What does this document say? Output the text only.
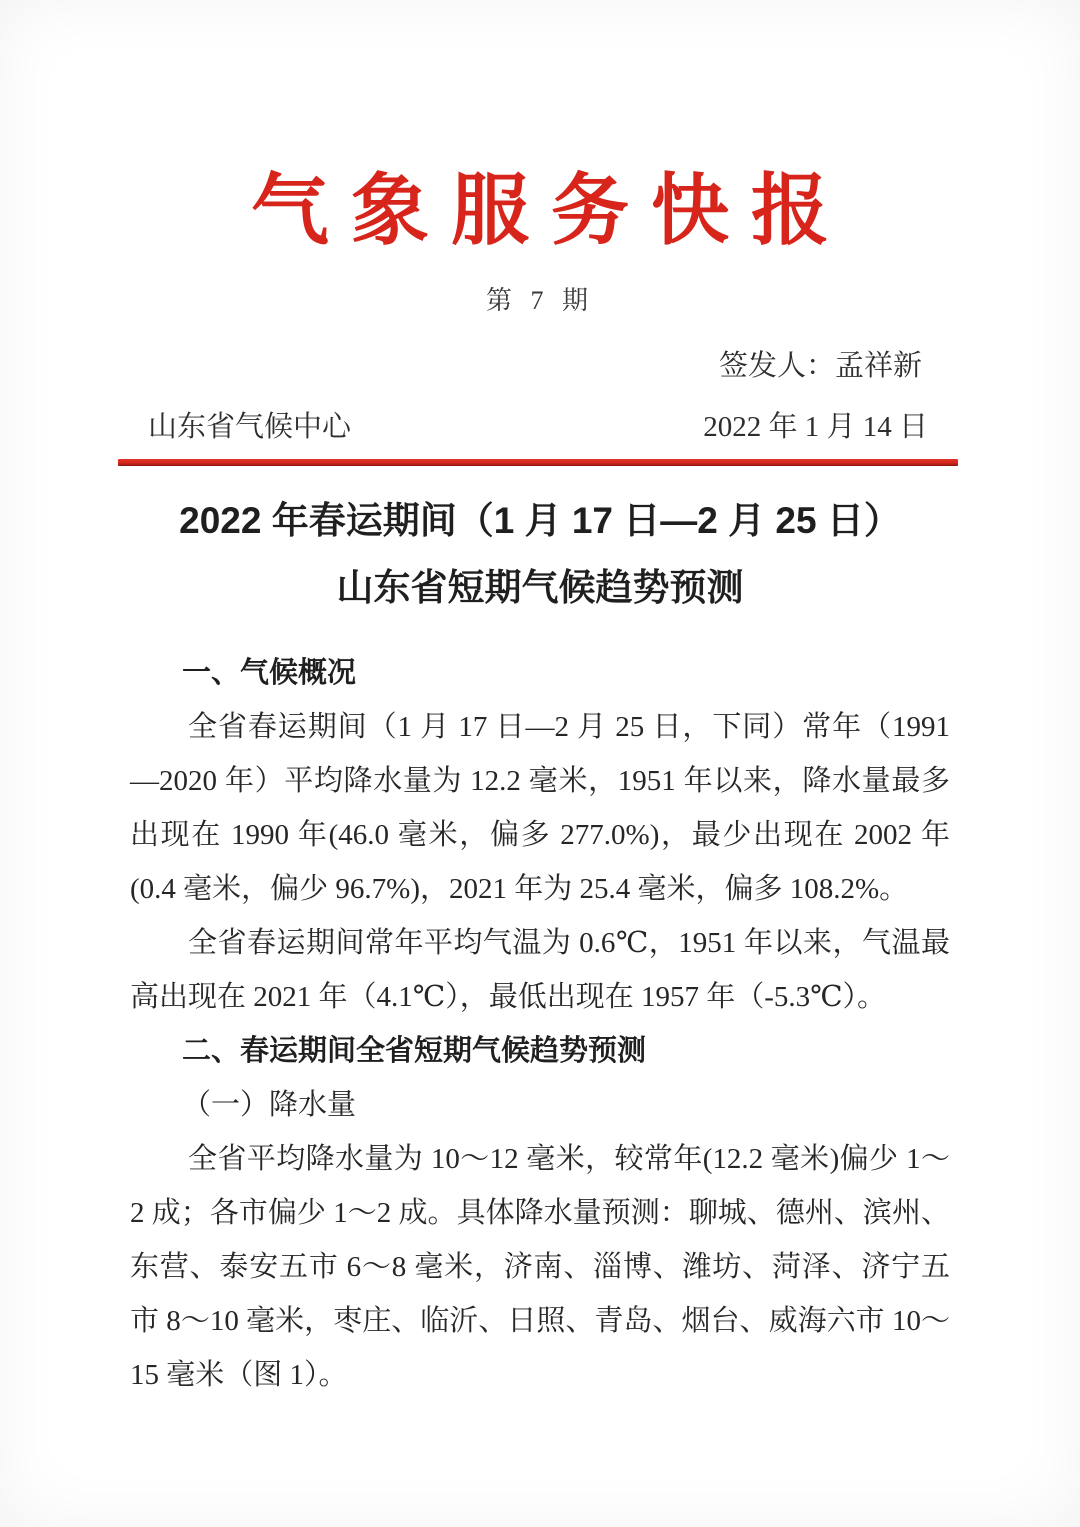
气象服务快报
第 7 期
签发人：孟祥新
山东省气候中心	2022 年 1 月 14 日
2022 年春运期间（1 月 17 日—2 月 25 日）
山东省短期气候趋势预测
一、气候概况

全省春运期间（1 月 17 日—2 月 25 日，下同）常年（1991—2020 年）平均降水量为 12.2 毫米，1951 年以来，降水量最多出现在 1990 年(46.0 毫米，偏多 277.0%)，最少出现在 2002 年(0.4 毫米，偏少 96.7%)，2021 年为 25.4 毫米，偏多 108.2%。

全省春运期间常年平均气温为 0.6℃，1951 年以来，气温最高出现在 2021 年（4.1℃），最低出现在 1957 年（-5.3℃）。

二、春运期间全省短期气候趋势预测
（一）降水量

全省平均降水量为 10～12 毫米，较常年(12.2 毫米)偏少 1～2 成；各市偏少 1～2 成。具体降水量预测：聊城、德州、滨州、东营、泰安五市 6～8 毫米，济南、淄博、潍坊、菏泽、济宁五市 8～10 毫米，枣庄、临沂、日照、青岛、烟台、威海六市 10～15 毫米（图 1）。
